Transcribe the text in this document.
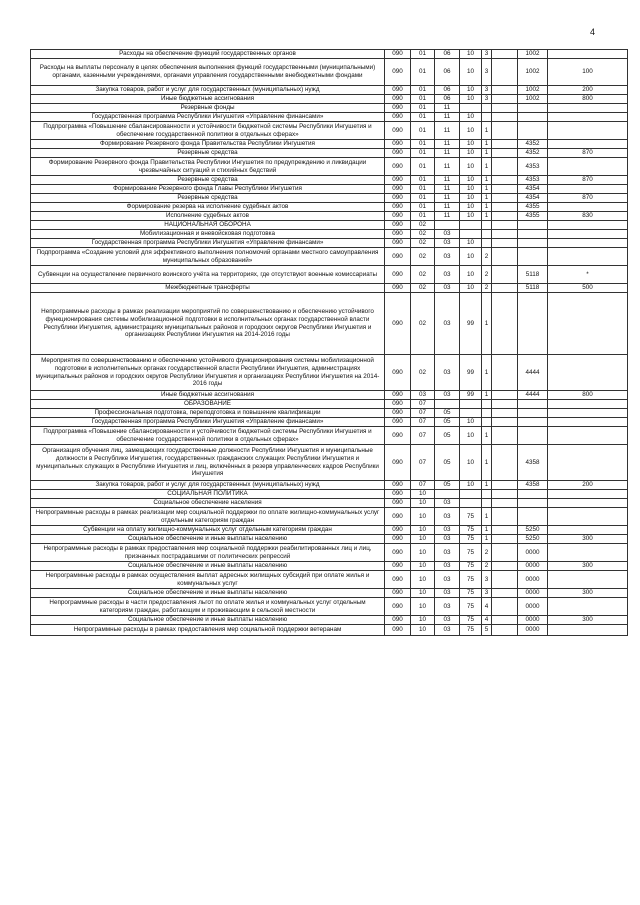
4
Расходы на обеспечение функций государственных органов	090	01	06	10	3		1002		
Расходы на выплаты персоналу в целях обеспечения выполнения функций государственными (муниципальными) органами, казенными учреждениями, органами управления государственными внебюджетными фондами	090	01	06	10	3		1002	100	
Закупка товаров, работ и услуг для государственных (муниципальных) нужд	090	01	06	10	3		1002	200	
Иные бюджетные ассигнования	090	01	06	10	3		1002	800	
Резервные фонды	090	01	11						
Государственная программа Республики Ингушетия «Управление финансами»	090	01	11	10					
Подпрограмма «Повышение сбалансированности и устойчивости бюджетной системы Республики Ингушетия и обеспечение государственной политики в отдельных сферах»	090	01	11	10	1				
Формирование Резервного фонда Правительства Республики Ингушетия	090	01	11	10	1		4352		
Резервные средства	090	01	11	10	1		4352	870	
Формирование Резервного фонда Правительства Республики Ингушетия по предупреждению и ликвидации чрезвычайных ситуаций и стихийных бедствий	090	01	11	10	1		4353		
Резервные средства	090	01	11	10	1		4353	870	
Формирование Резервного фонда Главы Республики Ингушетия	090	01	11	10	1		4354		
Резервные средства	090	01	11	10	1		4354	870	
Формирование резерва на исполнение судебных актов	090	01	11	10	1		4355		
Исполнение судебных актов	090	01	11	10	1		4355	830	
НАЦИОНАЛЬНАЯ ОБОРОНА	090	02							
Мобилизационная и вневойсковая подготовка	090	02	03						
Государственная программа Республики Ингушетия «Управление финансами»	090	02	03	10					
Подпрограмма «Создание условий для эффективного выполнения полномочий органами местного самоуправления муниципальных образований»	090	02	03	10	2				
Субвенции на осуществление первичного воинского учёта на территориях, где отсутствуют военные комиссариаты	090	02	03	10	2		5118	*	
Межбюджетные трансферты	090	02	03	10	2		5118	500	
Непрограммные расходы в рамках реализации мероприятий по совершенствованию и обеспечению устойчивого функционирования системы мобилизационной подготовки в исполнительных органах государственной власти Республики Ингушетия, администрациях муниципальных районов и городских округов Республики Ингушетия и организациях Республики Ингушетия на 2014-2016 годы	090	02	03	99	1				
Мероприятия по совершенствованию и обеспечению устойчивого функционирования системы мобилизационной подготовки в исполнительных органах государственной власти Республики Ингушетия, администрациях муниципальных районов и городских округов Республики Ингушетия и организациях Республики Ингушетия на 2014-2016 годы	090	02	03	99	1		4444		
Иные бюджетные ассигнования	090	03	03	99	1		4444	800	
ОБРАЗОВАНИЕ	090	07							
Профессиональная подготовка, переподготовка и повышение квалификации	090	07	05						
Государственная программа Республики Ингушетия «Управление финансами»	090	07	05	10					
Подпрограмма «Повышение сбалансированности и устойчивости бюджетной системы Республики Ингушетия и обеспечение государственной политики в отдельных сферах»	090	07	05	10	1				
Организация обучения лиц, замещающих государственные должности Республики Ингушетия и муниципальные должности в Республике Ингушетия, государственных гражданских служащих Республики Ингушетия и муниципальных служащих в Республике Ингушетия и лиц, включённых в резерв управленческих кадров Республики Ингушетия	090	07	05	10	1		4358		
Закупка товаров, работ и услуг для государственных (муниципальных) нужд	090	07	05	10	1		4358	200	
СОЦИАЛЬНАЯ ПОЛИТИКА	090	10							
Социальное обеспечение населения	090	10	03						
Непрограммные расходы в рамках реализации мер социальной поддержки по оплате жилищно-коммунальных услуг отдельным категориям граждан	090	10	03	75	1				
Субвенции на оплату жилищно-коммунальных услуг отдельным категориям граждан	090	10	03	75	1		5250		
Социальное обеспечение и иные выплаты населению	090	10	03	75	1		5250	300	
Непрограммные расходы в рамках предоставления мер социальной поддержки реабилитированных лиц и лиц, признанных пострадавшими от политических репрессий	090	10	03	75	2		0000		
Социальное обеспечение и иные выплаты населению	090	10	03	75	2		0000	300	
Непрограммные расходы в рамках осуществления выплат адресных жилищных субсидий при оплате жилья и коммунальных услуг	090	10	03	75	3		0000		
Социальное обеспечение и иные выплаты населению	090	10	03	75	3		0000	300	
Непрограммные расходы в части предоставления льгот по оплате жилья и коммунальных услуг отдельным категориям граждан, работающим и проживающим в сельской местности	090	10	03	75	4		0000		
Социальное обеспечение и иные выплаты населению	090	10	03	75	4		0000	300	
Непрограммные расходы в рамках предоставления мер социальной поддержки ветеранам	090	10	03	75	5		0000		
